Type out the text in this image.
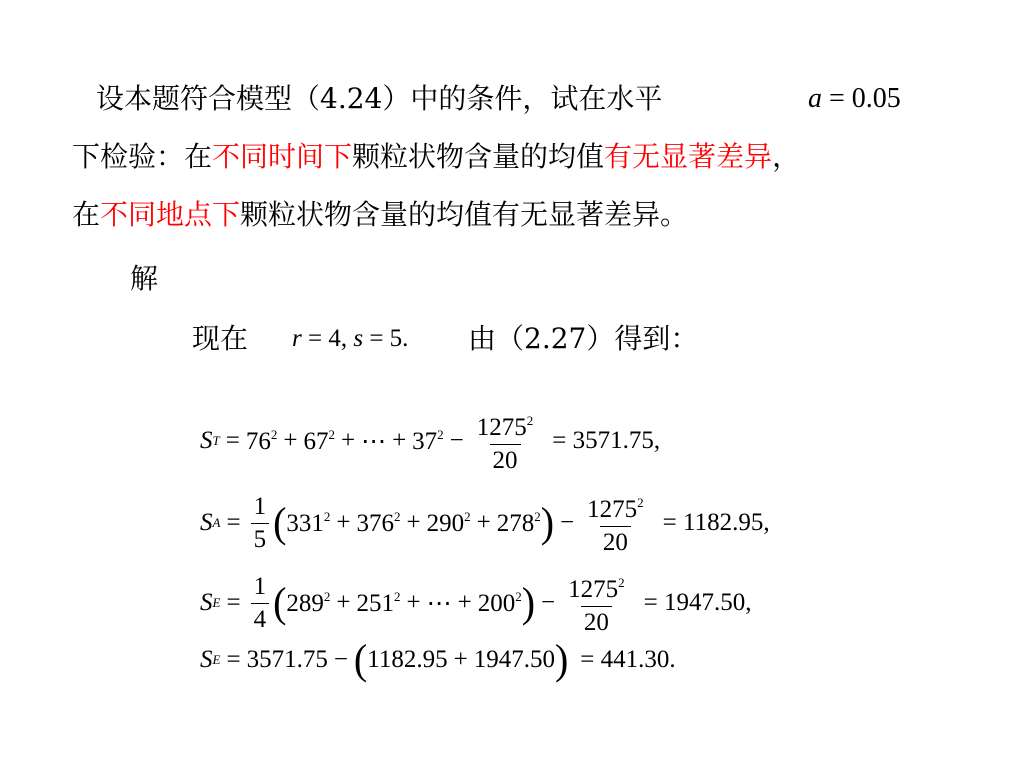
设本题符合模型（4.24）中的条件，试在水平	a = 0.05
下检验：在不同时间下颗粒状物含量的均值有无显著差异，
在不同地点下颗粒状物含量的均值有无显著差异。
解
现在 r = 4, s = 5. 由（2.27）得到：
S $T = 76^2 + 67^2$ + ⋯ + $37^2 - \frac{1275^2}{20} = 3571.75$,
S $A = \frac{1}{5}$ ( $331^2 + 376^2 + 290^2 + 278^2$ ) − $\frac{1275^2}{20} = 1182.95$,
S $E = \frac{1}{4}$ ( $289^2 + 251^2$ + ⋯ + $200^2$ ) − $\frac{1275^2}{20} = 1947.50$,
S E = 3571.75 − ( 1182.95 + 1947.50 ) = 441.30.
